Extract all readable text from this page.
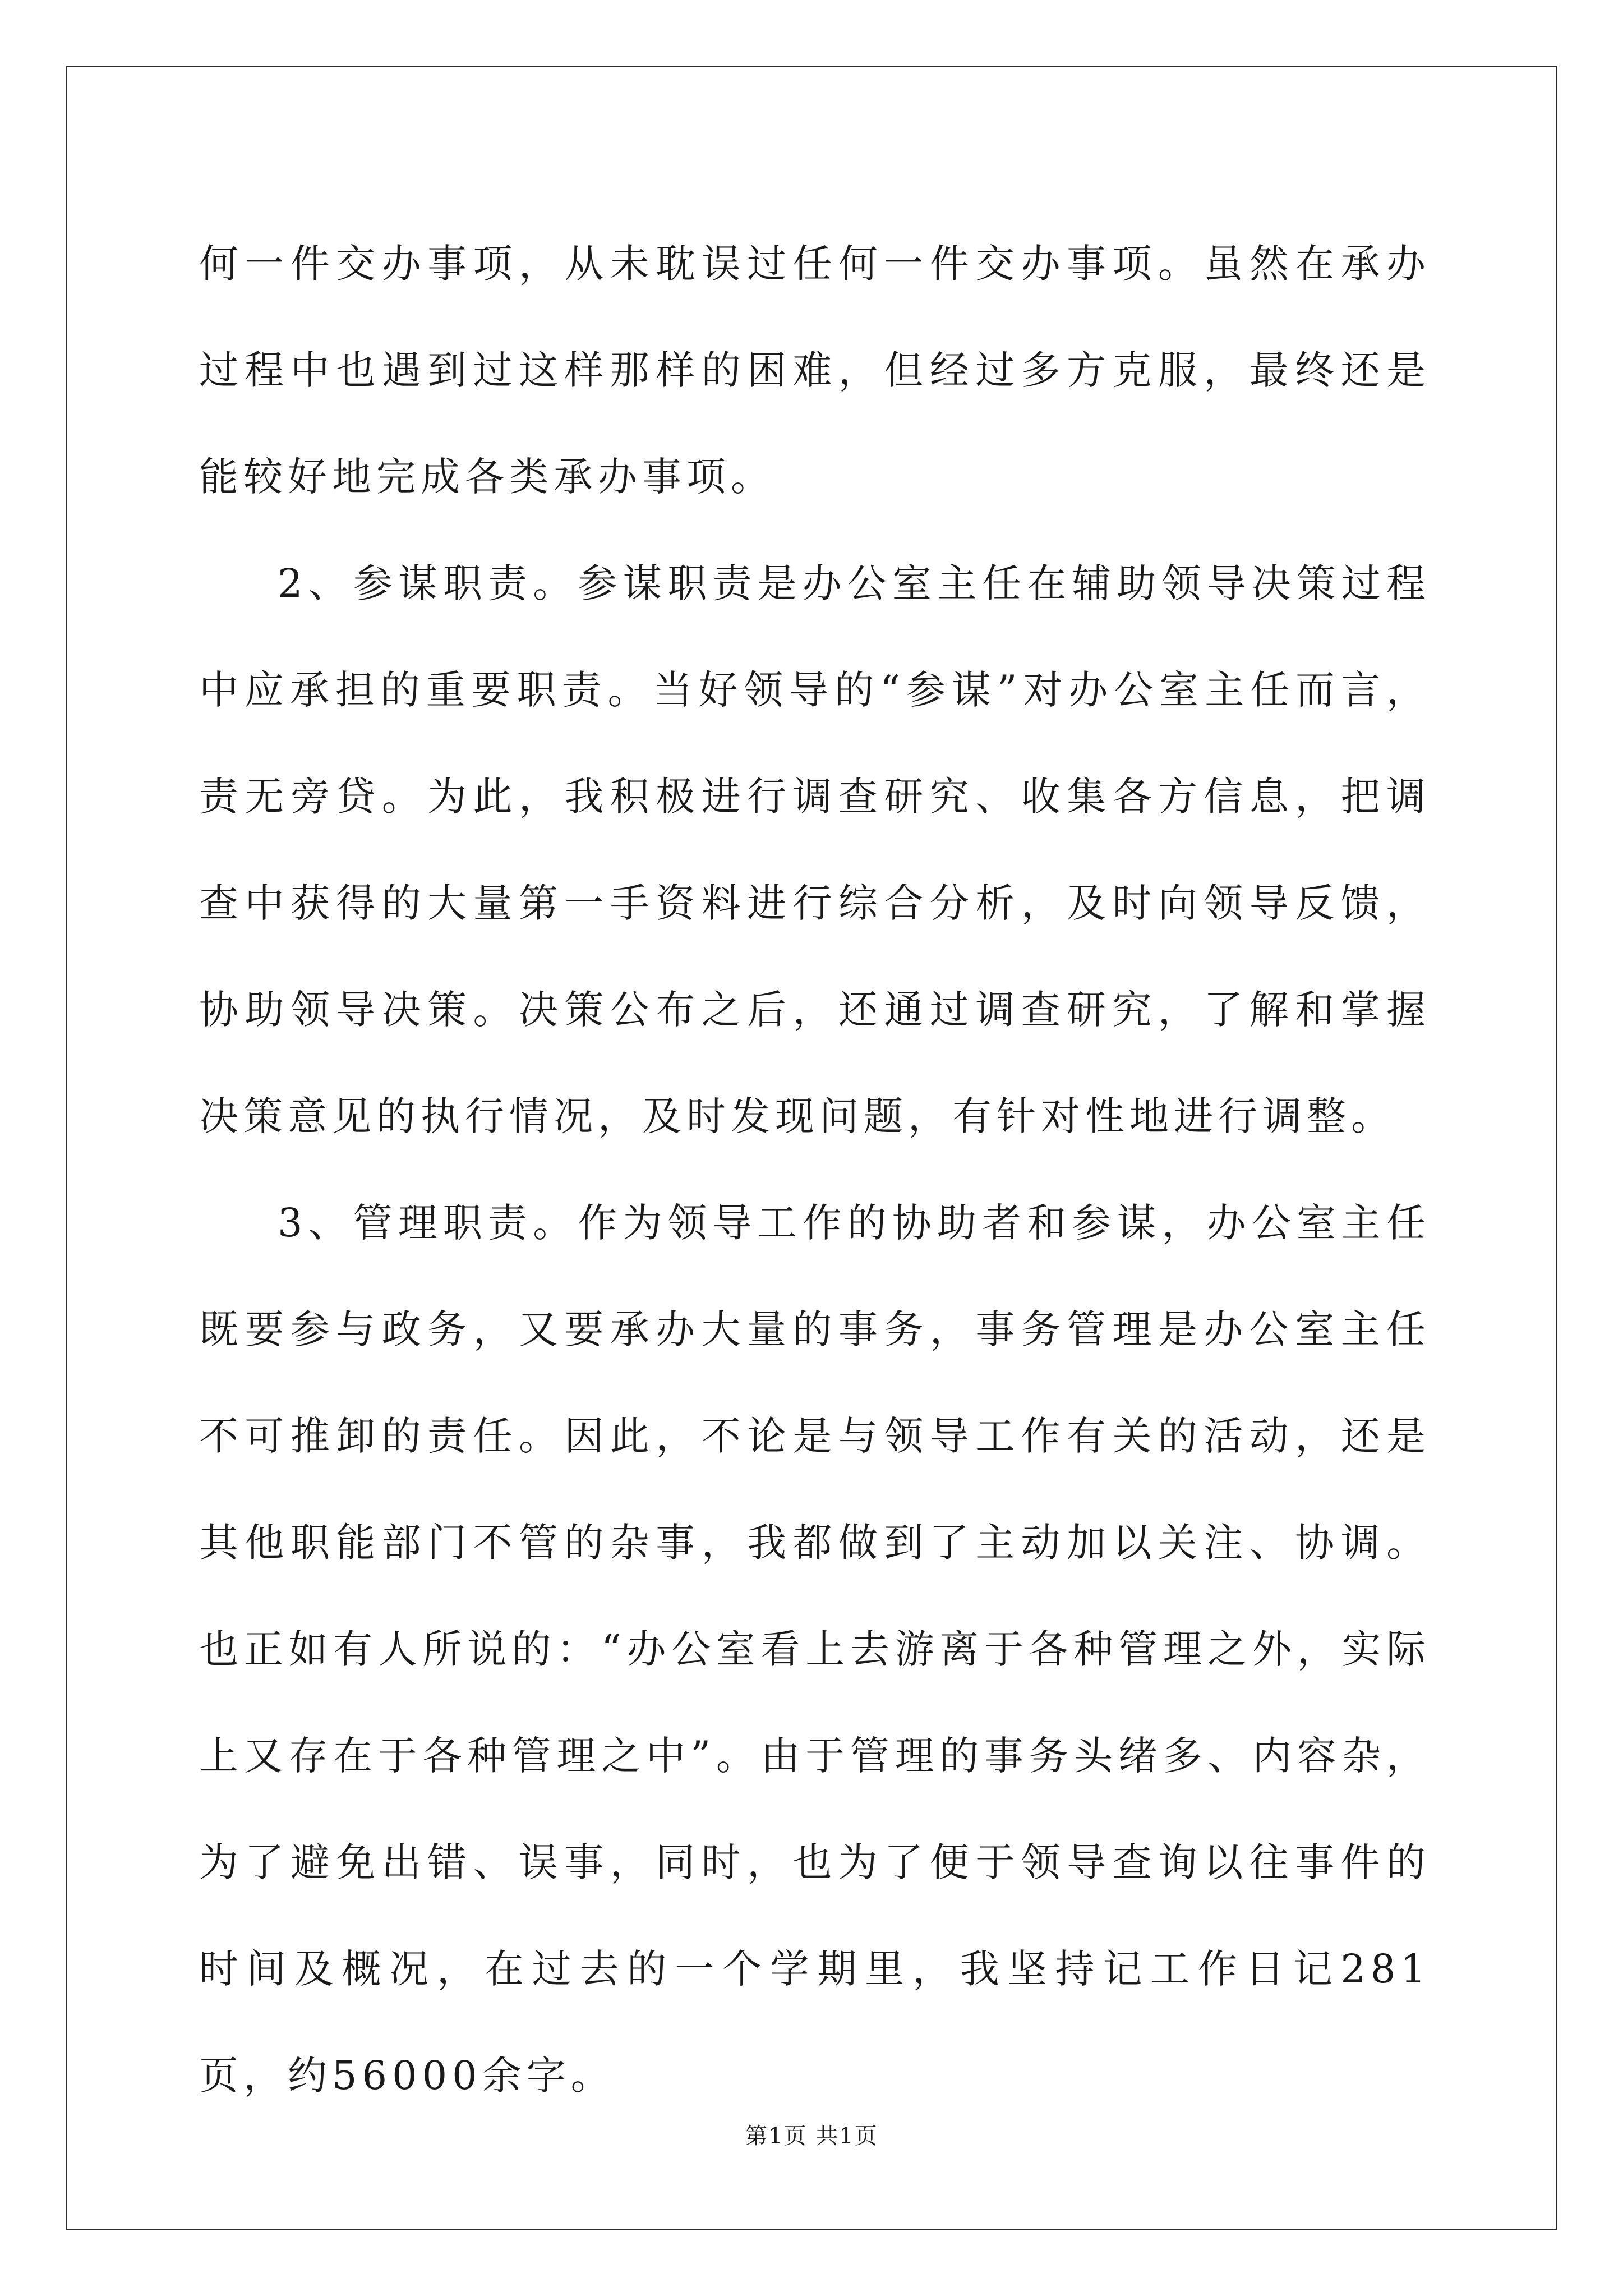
何一件交办事项，从未耽误过任何一件交办事项。虽然在承办过程中也遇到过这样那样的困难，但经过多方克服，最终还是能较好地完成各类承办事项。

2、参谋职责。参谋职责是办公室主任在辅助领导决策过程中应承担的重要职责。当好领导的“参谋”对办公室主任而言，责无旁贷。为此，我积极进行调查研究、收集各方信息，把调查中获得的大量第一手资料进行综合分析，及时向领导反馈，协助领导决策。决策公布之后，还通过调查研究，了解和掌握决策意见的执行情况，及时发现问题，有针对性地进行调整。

3、管理职责。作为领导工作的协助者和参谋，办公室主任既要参与政务，又要承办大量的事务，事务管理是办公室主任不可推卸的责任。因此，不论是与领导工作有关的活动，还是其他职能部门不管的杂事，我都做到了主动加以关注、协调。也正如有人所说的：“办公室看上去游离于各种管理之外，实际上又存在于各种管理之中”。由于管理的事务头绪多、内容杂，为了避免出错、误事，同时，也为了便于领导查询以往事件的时间及概况，在过去的一个学期里，我坚持记工作日记281页，约56000余字。

第1页 共1页
